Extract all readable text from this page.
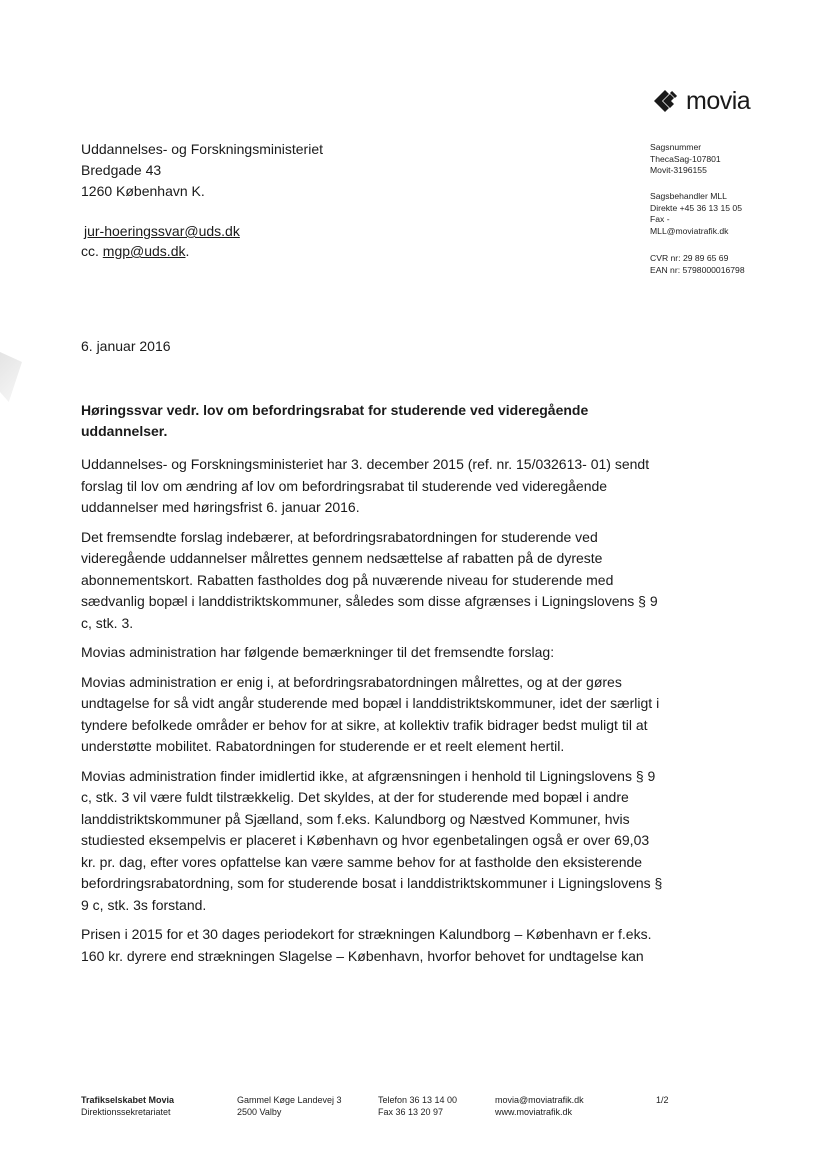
movia
Uddannelses- og Forskningsministeriet
Bredgade 43
1260 København K.
jur-hoeringssvar@uds.dk
cc. mgp@uds.dk.
Sagsnummer
ThecaSag-107801
Movit-3196155
Sagsbehandler MLL
Direkte +45 36 13 15 05
Fax -
MLL@moviatrafik.dk
CVR nr: 29 89 65 69
EAN nr: 5798000016798
6. januar 2016
Høringssvar vedr. lov om befordringsrabat for studerende ved videregående uddannelser.

Uddannelses- og Forskningsministeriet har 3. december 2015 (ref. nr. 15/032613- 01) sendt forslag til lov om ændring af lov om befordringsrabat til studerende ved videregående uddannelser med høringsfrist 6. januar 2016.

Det fremsendte forslag indebærer, at befordringsrabatordningen for studerende ved videregående uddannelser målrettes gennem nedsættelse af rabatten på de dyreste abonnementskort. Rabatten fastholdes dog på nuværende niveau for studerende med sædvanlig bopæl i landdistriktskommuner, således som disse afgrænses i Ligningslovens § 9 c, stk. 3.

Movias administration har følgende bemærkninger til det fremsendte forslag:

Movias administration er enig i, at befordringsrabatordningen målrettes, og at der gøres undtagelse for så vidt angår studerende med bopæl i landdistriktskommuner, idet der særligt i tyndere befolkede områder er behov for at sikre, at kollektiv trafik bidrager bedst muligt til at understøtte mobilitet. Rabatordningen for studerende er et reelt element hertil.

Movias administration finder imidlertid ikke, at afgrænsningen i henhold til Ligningslovens § 9 c, stk. 3 vil være fuldt tilstrækkelig. Det skyldes, at der for studerende med bopæl i andre landdistriktskommuner på Sjælland, som f.eks. Kalundborg og Næstved Kommuner, hvis studiested eksempelvis er placeret i København og hvor egenbetalingen også er over 69,03 kr. pr. dag, efter vores opfattelse kan være samme behov for at fastholde den eksisterende befordringsrabatordning, som for studerende bosat i landdistriktskommuner i Ligningslovens § 9 c, stk. 3s forstand.

Prisen i 2015 for et 30 dages periodekort for strækningen Kalundborg – København er f.eks. 160 kr. dyrere end strækningen Slagelse – København, hvorfor behovet for undtagelse kan

Trafikselskabet Movia
Direktionssekretariatet
Gammel Køge Landevej 3
2500 Valby
Telefon 36 13 14 00
Fax 36 13 20 97
movia@moviatrafik.dk
www.moviatrafik.dk
1/2
